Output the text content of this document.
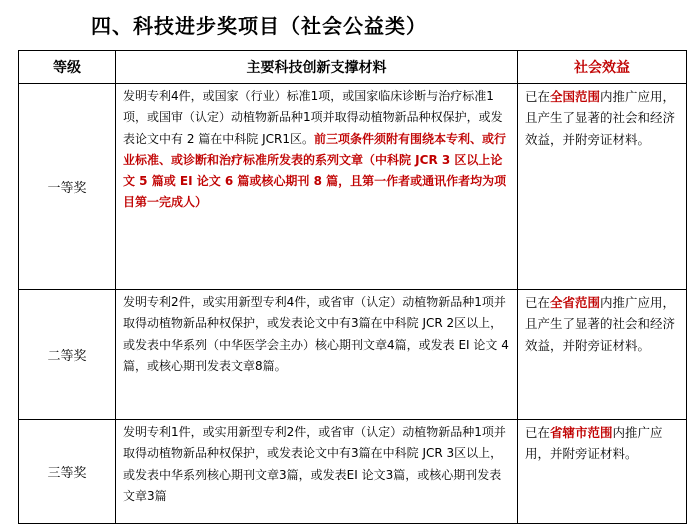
四、科技进步奖项目（社会公益类）
等级	主要科技创新支撑材料	社会效益
一等奖	发明专利4件，或国家（行业）标准1项，或国家临床诊断与治疗标准1项，或国审（认定）动植物新品种1项并取得动植物新品种权保护，或发表论文中有 2 篇在中科院 JCR1区。前三项条件须附有围绕本专利、或行业标准、或诊断和治疗标准所发表的系列文章（中科院 JCR 3 区以上论文 5 篇或 EI 论文 6 篇或核心期刊 8 篇，且第一作者或通讯作者均为项目第一完成人）	已在全国范围内推广应用，且产生了显著的社会和经济效益，并附旁证材料。
二等奖	发明专利2件，或实用新型专利4件，或省审（认定）动植物新品种1项并取得动植物新品种权保护，或发表论文中有3篇在中科院 JCR 2区以上，或发表中华系列（中华医学会主办）核心期刊文章4篇，或发表 EI 论文 4 篇，或核心期刊发表文章8篇。	已在全省范围内推广应用，且产生了显著的社会和经济效益，并附旁证材料。
三等奖	发明专利1件，或实用新型专利2件，或省审（认定）动植物新品种1项并取得动植物新品种权保护，或发表论文中有3篇在中科院 JCR 3区以上，或发表中华系列核心期刊文章3篇，或发表EI 论文3篇，或核心期刊发表文章3篇	已在省辖市范围内推广应用，并附旁证材料。
